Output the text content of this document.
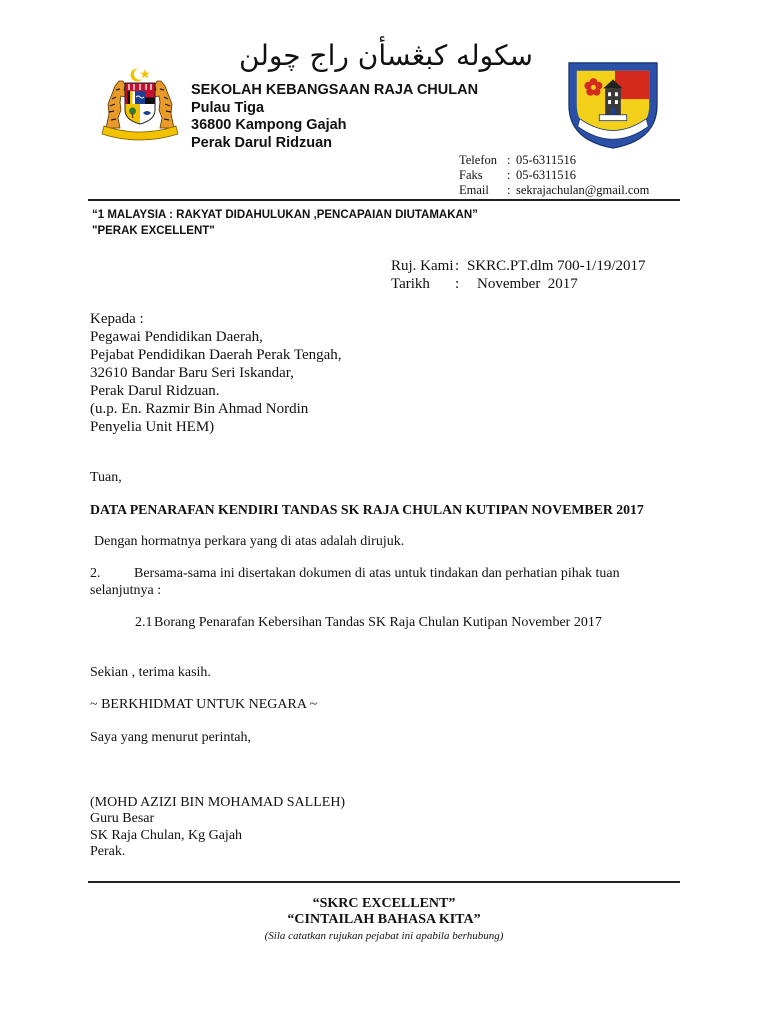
سکوله کبڠسأن راج چولن
SEKOLAH KEBANGSAAN RAJA CHULAN
Pulau Tiga
36800 Kampong Gajah
Perak Darul Ridzuan
Telefon : 05-6311516
Faks : 05-6311516
Email : sekrajachulan@gmail.com
“1 MALAYSIA : RAKYAT DIDAHULUKAN ,PENCAPAIAN DIUTAMAKAN”
"PERAK EXCELLENT"
Ruj. Kami : SKRC.PT.dlm 700-1/19/2017
Tarikh : November  2017
Kepada :
Pegawai Pendidikan Daerah,
Pejabat Pendidikan Daerah Perak Tengah,
32610 Bandar Baru Seri Iskandar,
Perak Darul Ridzuan.
(u.p. En. Razmir Bin Ahmad Nordin
Penyelia Unit HEM)
Tuan,
DATA PENARAFAN KENDIRI TANDAS SK RAJA CHULAN KUTIPAN NOVEMBER 2017
Dengan hormatnya perkara yang di atas adalah dirujuk.
2. Bersama-sama ini disertakan dokumen di atas untuk tindakan dan perhatian pihak tuan
selanjutnya :
2.1 Borang Penarafan Kebersihan Tandas SK Raja Chulan Kutipan November 2017
Sekian , terima kasih.
~ BERKHIDMAT UNTUK NEGARA ~
Saya yang menurut perintah,
(MOHD AZIZI BIN MOHAMAD SALLEH)
Guru Besar
SK Raja Chulan, Kg Gajah
Perak.
“SKRC EXCELLENT”
“CINTAILAH BAHASA KITA”
(Sila catatkan rujukan pejabat ini apabila berhubung)
